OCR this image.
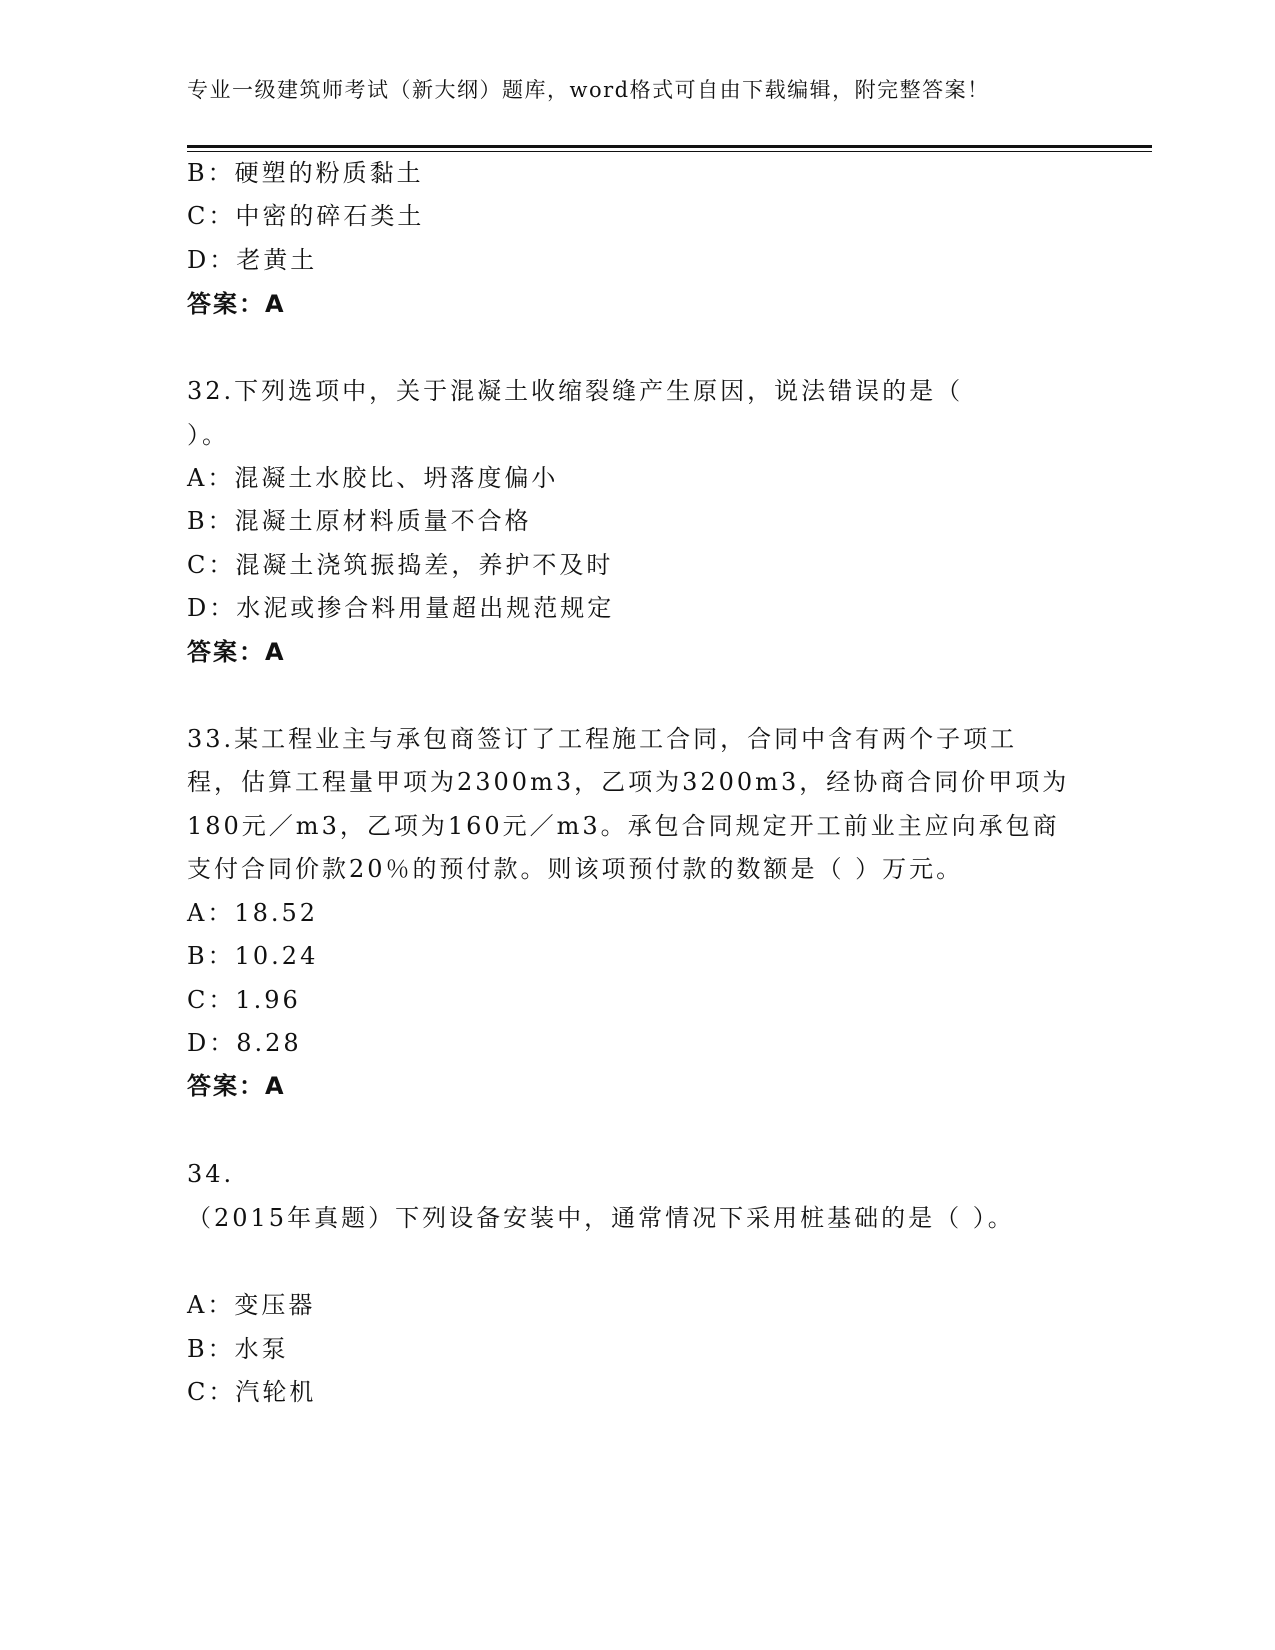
专业一级建筑师考试（新大纲）题库，word格式可自由下载编辑，附完整答案！
B：硬塑的粉质黏土
C：中密的碎石类土
D：老黄土
答案：A
32.下列选项中，关于混凝土收缩裂缝产生原因，说法错误的是（
）。
A：混凝土水胶比、坍落度偏小
B：混凝土原材料质量不合格
C：混凝土浇筑振捣差，养护不及时
D：水泥或掺合料用量超出规范规定
答案：A
33.某工程业主与承包商签订了工程施工合同，合同中含有两个子项工
程，估算工程量甲项为2300m3，乙项为3200m3，经协商合同价甲项为
180元／m3，乙项为160元／m3。承包合同规定开工前业主应向承包商
支付合同价款20％的预付款。则该项预付款的数额是（ ）万元。
A：18.52
B：10.24
C：1.96
D：8.28
答案：A
34.
（2015年真题）下列设备安装中，通常情况下采用桩基础的是（ ）。
A：变压器
B：水泵
C：汽轮机
